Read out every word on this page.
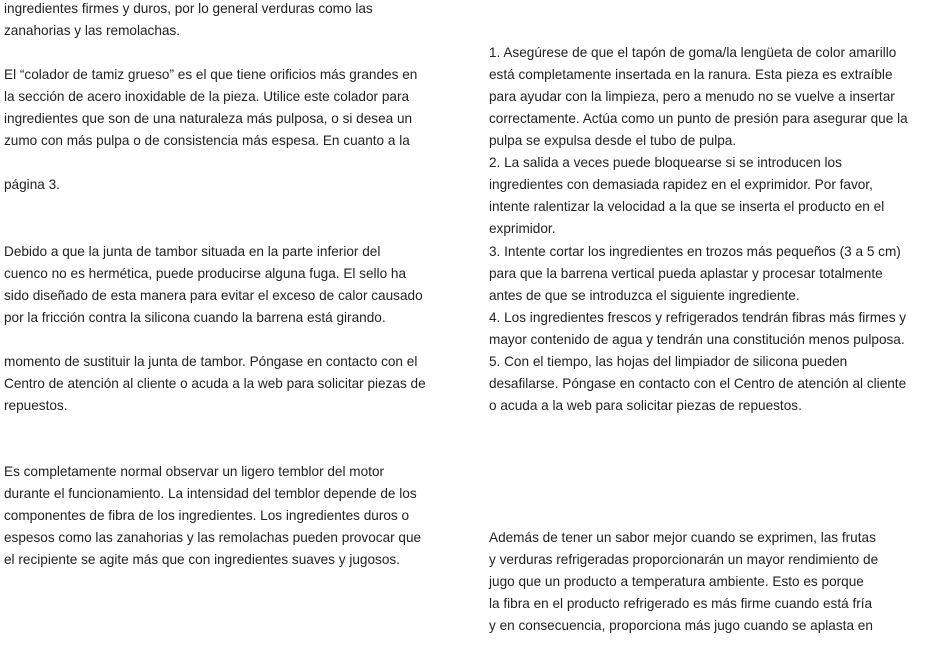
ingredientes firmes y duros, por lo general verduras como las
zanahorias y las remolachas.
El “colador de tamiz grueso” es el que tiene orificios más grandes en
la sección de acero inoxidable de la pieza. Utilice este colador para
ingredientes que son de una naturaleza más pulposa, o si desea un
zumo con más pulpa o de consistencia más espesa. En cuanto a la
página 3.
Debido a que la junta de tambor situada en la parte inferior del
cuenco no es hermética, puede producirse alguna fuga. El sello ha
sido diseñado de esta manera para evitar el exceso de calor causado
por la fricción contra la silicona cuando la barrena está girando.
momento de sustituir la junta de tambor. Póngase en contacto con el
Centro de atención al cliente o acuda a la web para solicitar piezas de
repuestos.
Es completamente normal observar un ligero temblor del motor
durante el funcionamiento. La intensidad del temblor depende de los
componentes de fibra de los ingredientes. Los ingredientes duros o
espesos como las zanahorias y las remolachas pueden provocar que
el recipiente se agite más que con ingredientes suaves y jugosos.
1. Asegúrese de que el tapón de goma/la lengüeta de color amarillo
está completamente insertada en la ranura. Esta pieza es extraíble
para ayudar con la limpieza, pero a menudo no se vuelve a insertar
correctamente. Actúa como un punto de presión para asegurar que la
pulpa se expulsa desde el tubo de pulpa.
2. La salida a veces puede bloquearse si se introducen los
ingredientes con demasiada rapidez en el exprimidor. Por favor,
intente ralentizar la velocidad a la que se inserta el producto en el
exprimidor.
3. Intente cortar los ingredientes en trozos más pequeños (3 a 5 cm)
para que la barrena vertical pueda aplastar y procesar totalmente
antes de que se introduzca el siguiente ingrediente.
4. Los ingredientes frescos y refrigerados tendrán fibras más firmes y
mayor contenido de agua y tendrán una constitución menos pulposa.
5. Con el tiempo, las hojas del limpiador de silicona pueden
desafilarse. Póngase en contacto con el Centro de atención al cliente
o acuda a la web para solicitar piezas de repuestos.
Además de tener un sabor mejor cuando se exprimen, las frutas
y verduras refrigeradas proporcionarán un mayor rendimiento de
jugo que un producto a temperatura ambiente. Esto es porque
la fibra en el producto refrigerado es más firme cuando está fría
y en consecuencia, proporciona más jugo cuando se aplasta en
